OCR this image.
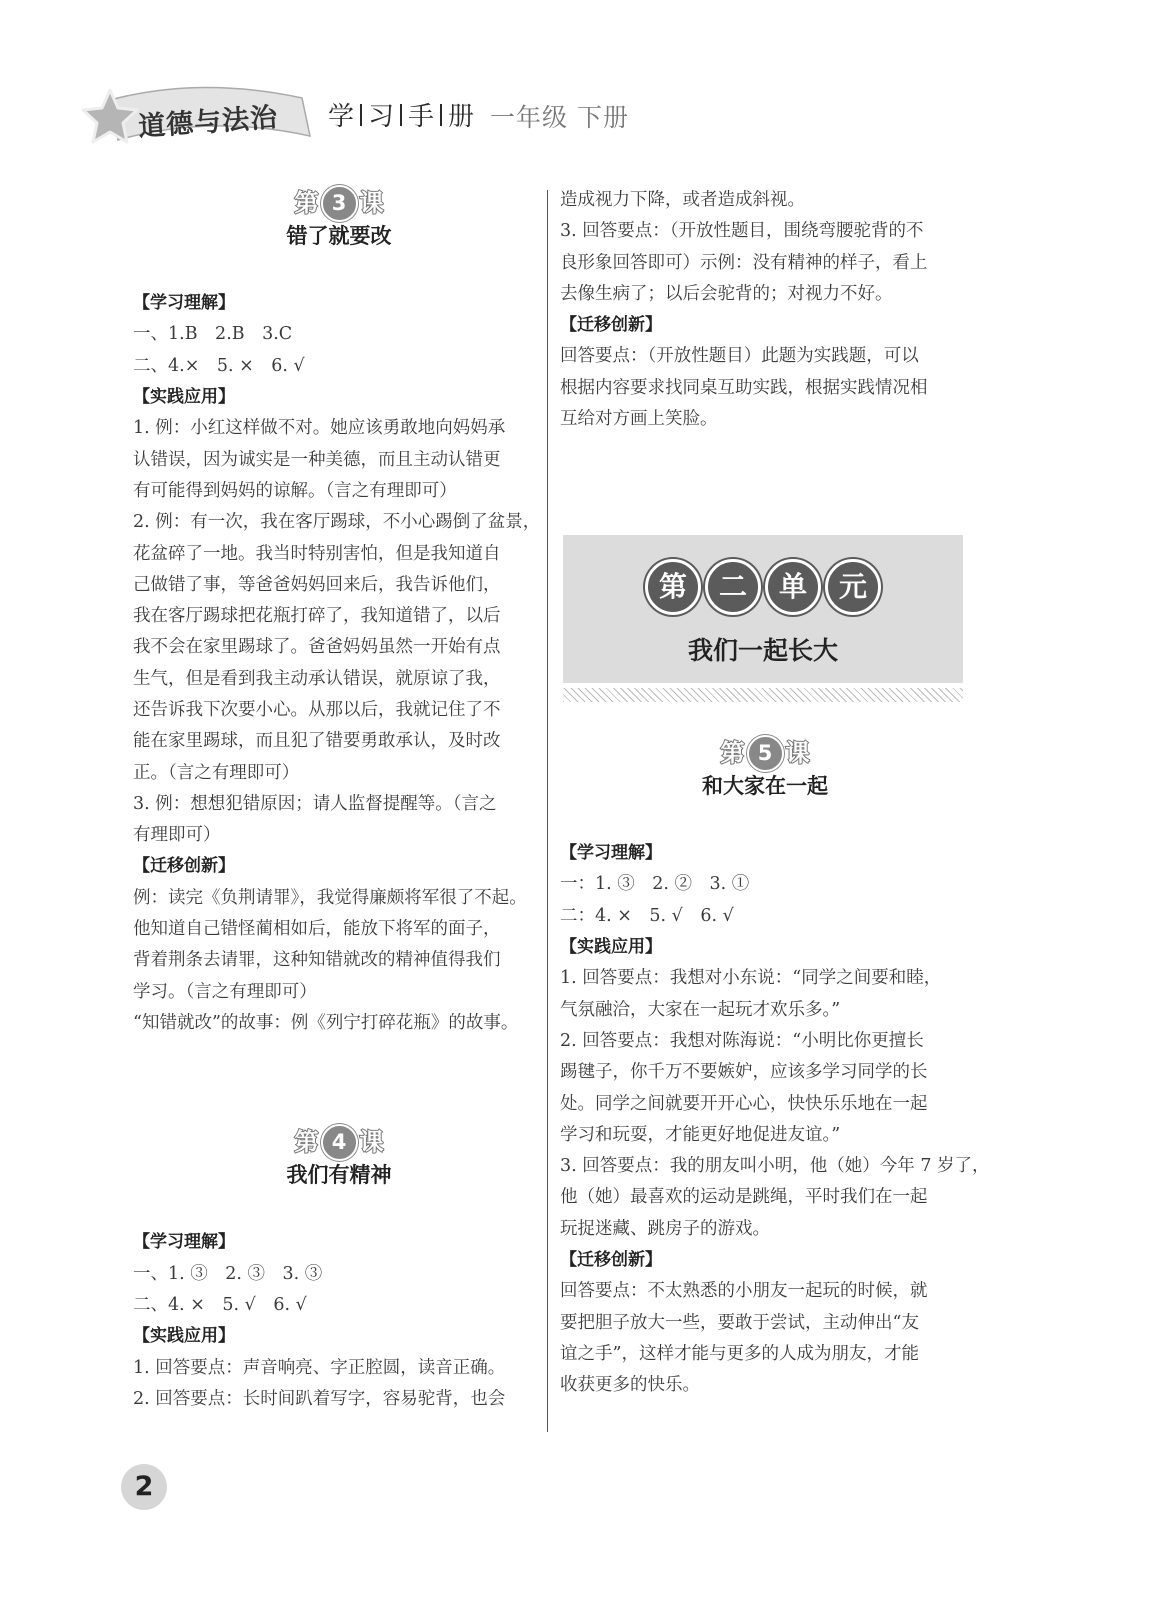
道德与法治 学 习 手 册 一年级 下册
第 3 课
错了就要改
【学习理解】
一、1.B　2.B　3.C
二、4.×　5. ×　6. √
【实践应用】
1. 例：小红这样做不对。她应该勇敢地向妈妈承
认错误，因为诚实是一种美德，而且主动认错更
有可能得到妈妈的谅解。（言之有理即可）
2. 例：有一次，我在客厅踢球，不小心踢倒了盆景，
花盆碎了一地。我当时特别害怕，但是我知道自
己做错了事，等爸爸妈妈回来后，我告诉他们，
我在客厅踢球把花瓶打碎了，我知道错了，以后
我不会在家里踢球了。爸爸妈妈虽然一开始有点
生气，但是看到我主动承认错误，就原谅了我，
还告诉我下次要小心。从那以后，我就记住了不
能在家里踢球，而且犯了错要勇敢承认，及时改
正。（言之有理即可）
3. 例：想想犯错原因；请人监督提醒等。（言之
有理即可）
【迁移创新】
例：读完《负荆请罪》，我觉得廉颇将军很了不起。
他知道自己错怪蔺相如后，能放下将军的面子，
背着荆条去请罪，这种知错就改的精神值得我们
学习。（言之有理即可）
“知错就改”的故事：例《列宁打碎花瓶》的故事。
第 4 课
我们有精神
【学习理解】
一、1. ③　2. ③　3. ③
二、4. ×　5. √　6. √
【实践应用】
1. 回答要点：声音响亮、字正腔圆，读音正确。
2. 回答要点：长时间趴着写字，容易驼背，也会
造成视力下降，或者造成斜视。
3. 回答要点：（开放性题目，围绕弯腰驼背的不
良形象回答即可）示例：没有精神的样子，看上
去像生病了；以后会驼背的；对视力不好。
【迁移创新】
回答要点：（开放性题目）此题为实践题，可以
根据内容要求找同桌互助实践，根据实践情况相
互给对方画上笑脸。
第	二	单	元
我们一起长大
第 5 课
和大家在一起
【学习理解】
一：1. ③　2. ②　3. ①
二：4. ×　5. √　6. √
【实践应用】
1. 回答要点：我想对小东说：“同学之间要和睦，
气氛融洽，大家在一起玩才欢乐多。”
2. 回答要点：我想对陈海说：“小明比你更擅长
踢毽子，你千万不要嫉妒，应该多学习同学的长
处。同学之间就要开开心心，快快乐乐地在一起
学习和玩耍，才能更好地促进友谊。”
3. 回答要点：我的朋友叫小明，他（她）今年 7 岁了，
他（她）最喜欢的运动是跳绳，平时我们在一起
玩捉迷藏、跳房子的游戏。
【迁移创新】
回答要点：不太熟悉的小朋友一起玩的时候，就
要把胆子放大一些，要敢于尝试，主动伸出“友
谊之手”，这样才能与更多的人成为朋友，才能
收获更多的快乐。
2
